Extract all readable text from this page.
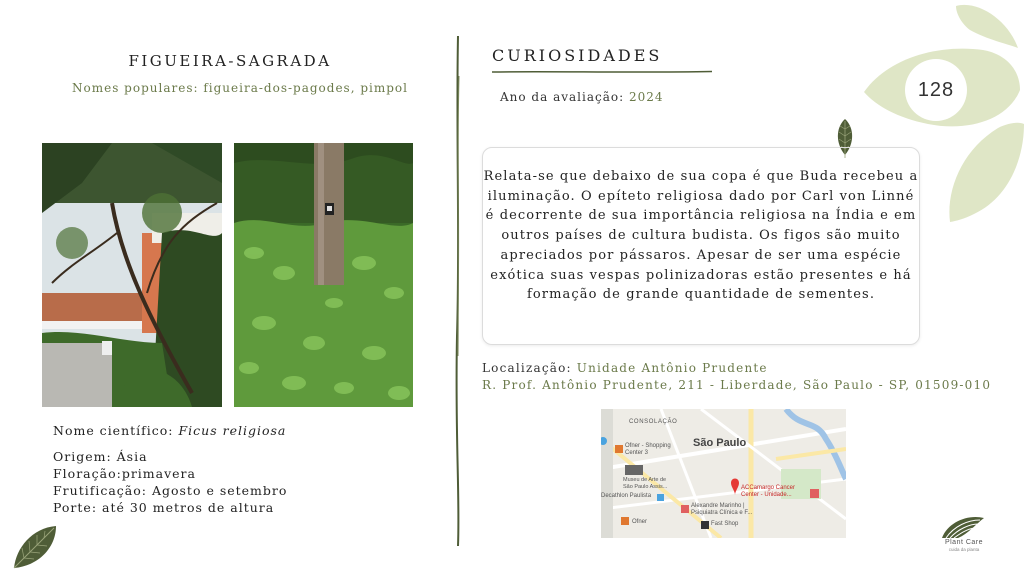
128
FIGUEIRA-SAGRADA
Nomes populares: figueira-dos-pagodes, pimpol
Nome científico: Ficus religiosa
Origem: Ásia
Floração:primavera
Frutificação: Agosto e setembro
Porte: até 30 metros de altura
CURIOSIDADES
Ano da avaliação: 2024

Relata-se que debaixo de sua copa é que Buda recebeu a iluminação. O epíteto religiosa dado por Carl von Linné é decorrente de sua importância religiosa na Índia e em outros países de cultura budista. Os figos são muito apreciados por pássaros. Apesar de ser uma espécie exótica suas vespas polinizadoras estão presentes e há formação de grande quantidade de sementes.

Localização: Unidade Antônio Prudente
R. Prof. Antônio Prudente, 211 - Liberdade, São Paulo - SP, 01509-010
CONSOLAÇÃO
São Paulo
Ofner - Shopping
Center 3
Museu de Arte de
São Paulo Assis...
Decathlon Paulista
Alexandre Marinho |
Psiquiatra Clínica e F...
ACCamargo Cancer
Center - Unidade...
Ofner	Fast Shop
Plant Care
cuida da planta
